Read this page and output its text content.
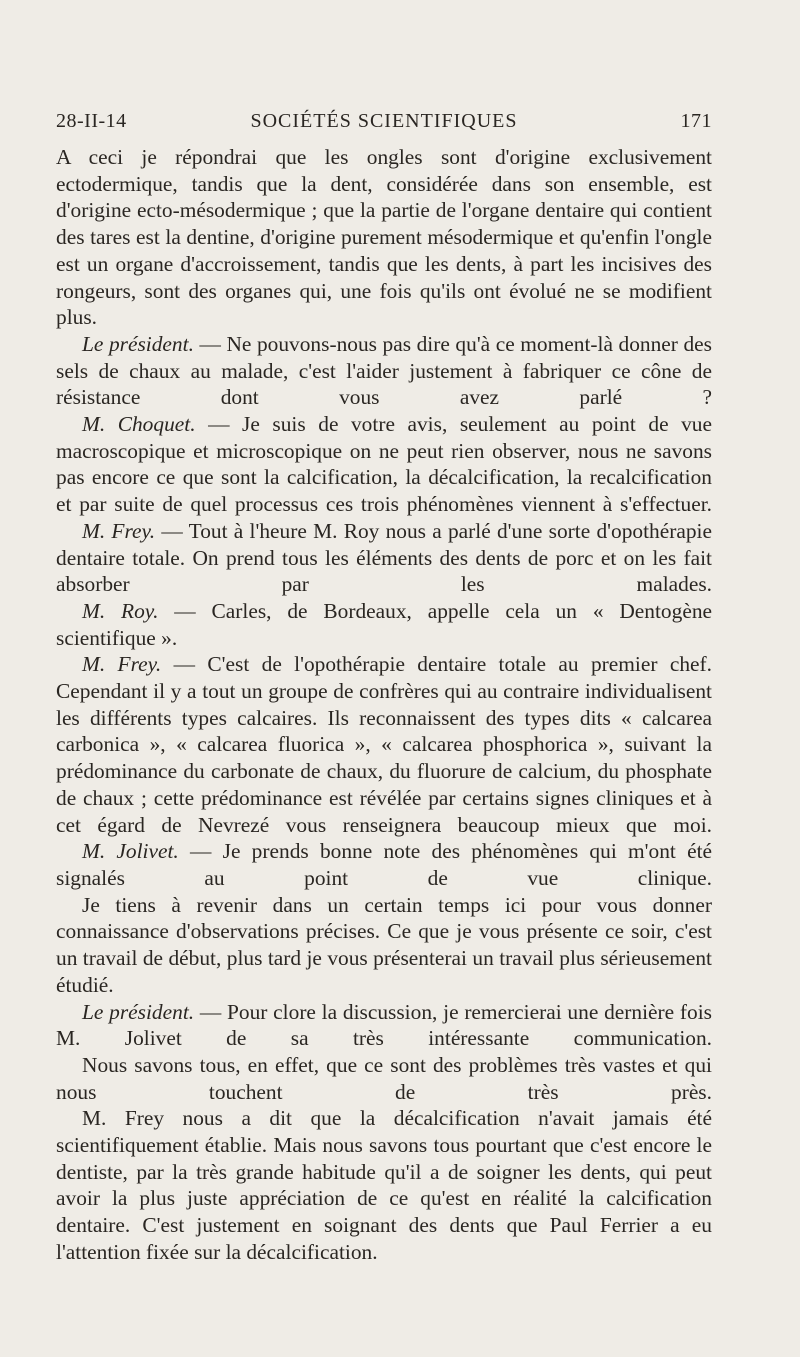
28-II-14	SOCIÉTÉS SCIENTIFIQUES	171

A ceci je répondrai que les ongles sont d'origine exclusivement ectodermique, tandis que la dent, considérée dans son ensemble, est d'origine ecto-mésodermique ; que la partie de l'organe dentaire qui contient des tares est la dentine, d'origine purement mésodermique et qu'enfin l'ongle est un organe d'accroissement, tandis que les dents, à part les incisives des rongeurs, sont des organes qui, une fois qu'ils ont évolué ne se modifient plus.

Le président. — Ne pouvons-nous pas dire qu'à ce moment-là donner des sels de chaux au malade, c'est l'aider justement à fabriquer ce cône de résistance dont vous avez parlé ?

M. Choquet. — Je suis de votre avis, seulement au point de vue macroscopique et microscopique on ne peut rien observer, nous ne savons pas encore ce que sont la calcification, la décalcification, la recalcification et par suite de quel processus ces trois phénomènes viennent à s'effectuer.

M. Frey. — Tout à l'heure M. Roy nous a parlé d'une sorte d'opothérapie dentaire totale. On prend tous les éléments des dents de porc et on les fait absorber par les malades.

M. Roy. — Carles, de Bordeaux, appelle cela un « Dentogène scientifique ».

M. Frey. — C'est de l'opothérapie dentaire totale au premier chef. Cependant il y a tout un groupe de confrères qui au contraire individualisent les différents types calcaires. Ils reconnaissent des types dits « calcarea carbonica », « calcarea fluorica », « calcarea phosphorica », suivant la prédominance du carbonate de chaux, du fluorure de calcium, du phosphate de chaux ; cette prédominance est révélée par certains signes cliniques et à cet égard de Nevrezé vous renseignera beaucoup mieux que moi.

M. Jolivet. — Je prends bonne note des phénomènes qui m'ont été signalés au point de vue clinique.

Je tiens à revenir dans un certain temps ici pour vous donner connaissance d'observations précises. Ce que je vous présente ce soir, c'est un travail de début, plus tard je vous présenterai un travail plus sérieusement étudié.

Le président. — Pour clore la discussion, je remercierai une dernière fois M. Jolivet de sa très intéressante communication.

Nous savons tous, en effet, que ce sont des problèmes très vastes et qui nous touchent de très près.

M. Frey nous a dit que la décalcification n'avait jamais été scientifiquement établie. Mais nous savons tous pourtant que c'est encore le dentiste, par la très grande habitude qu'il a de soigner les dents, qui peut avoir la plus juste appréciation de ce qu'est en réalité la calcification dentaire. C'est justement en soignant des dents que Paul Ferrier a eu l'attention fixée sur la décalcification.
